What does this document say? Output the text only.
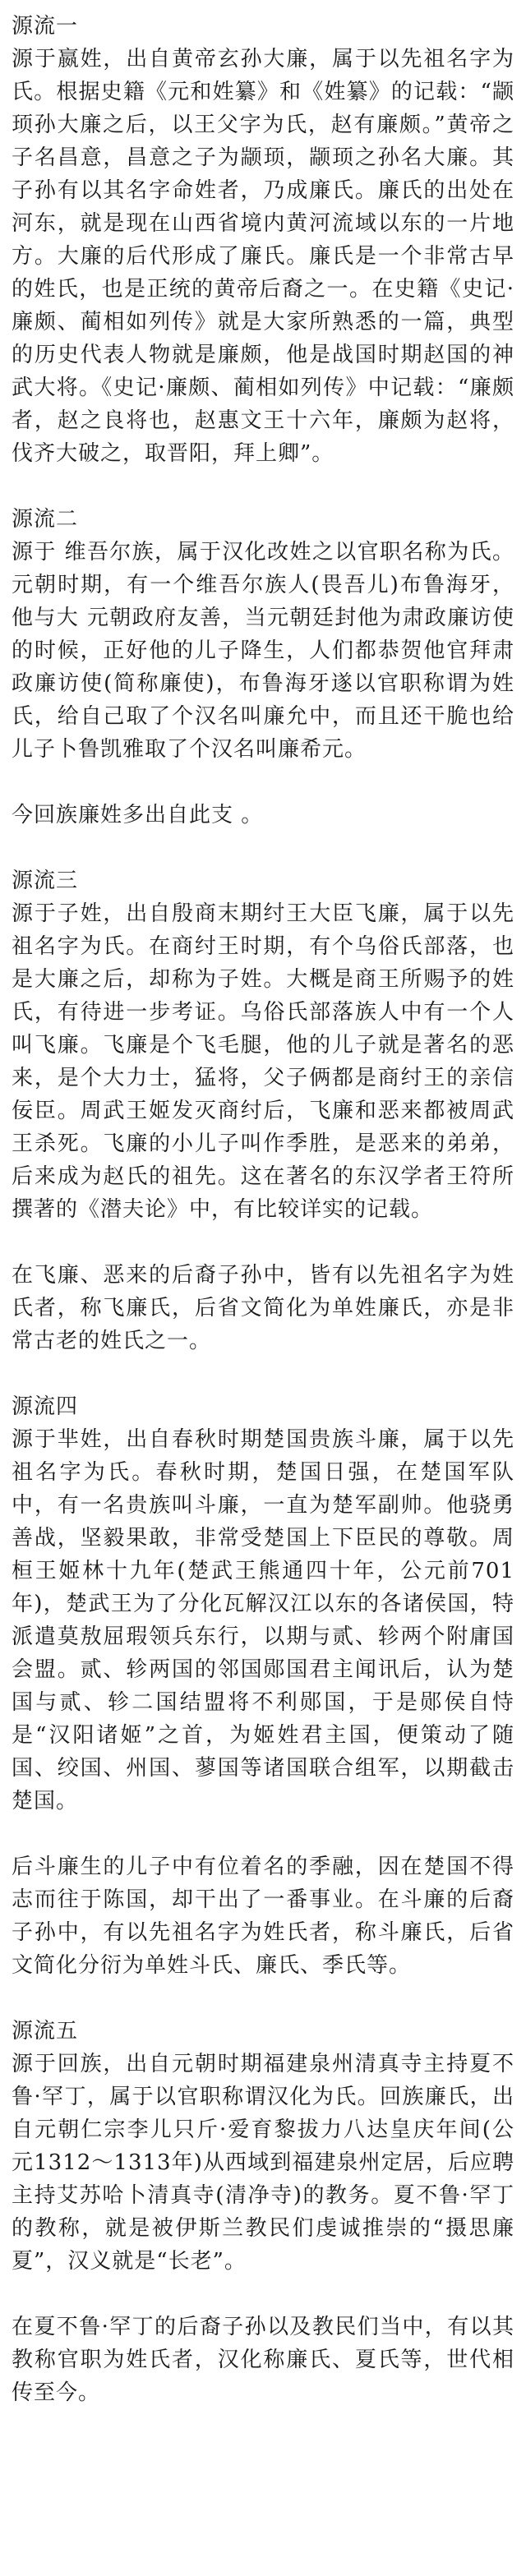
源流一

源于嬴姓，出自黄帝玄孙大廉，属于以先祖名字为氏。根据史籍《元和姓纂》和《姓纂》的记载：“颛顼孙大廉之后，以王父字为氏，赵有廉颇。”黄帝之子名昌意，昌意之子为颛顼，颛顼之孙名大廉。其子孙有以其名字命姓者，乃成廉氏。廉氏的出处在河东，就是现在山西省境内黄河流域以东的一片地方。大廉的后代形成了廉氏。廉氏是一个非常古早的姓氏，也是正统的黄帝后裔之一。在史籍《史记·廉颇、蔺相如列传》就是大家所熟悉的一篇，典型的历史代表人物就是廉颇，他是战国时期赵国的神武大将。《史记·廉颇、蔺相如列传》中记载：“廉颇者，赵之良将也，赵惠文王十六年，廉颇为赵将，伐齐大破之，取晋阳，拜上卿”。

源流二

源于 维吾尔族，属于汉化改姓之以官职名称为氏。元朝时期，有一个维吾尔族人(畏吾儿)布鲁海牙，他与大 元朝政府友善，当元朝廷封他为肃政廉访使的时候，正好他的儿子降生，人们都恭贺他官拜肃政廉访使(简称廉使)，布鲁海牙遂以官职称谓为姓氏，给自己取了个汉名叫廉允中，而且还干脆也给儿子卜鲁凯雅取了个汉名叫廉希元。

今回族廉姓多出自此支 。

源流三

源于子姓，出自殷商末期纣王大臣飞廉，属于以先祖名字为氏。在商纣王时期，有个乌俗氏部落，也是大廉之后，却称为子姓。大概是商王所赐予的姓氏，有待进一步考证。乌俗氏部落族人中有一个人叫飞廉。飞廉是个飞毛腿，他的儿子就是著名的恶来，是个大力士，猛将，父子俩都是商纣王的亲信佞臣。周武王姬发灭商纣后，飞廉和恶来都被周武王杀死。飞廉的小儿子叫作季胜，是恶来的弟弟，后来成为赵氏的祖先。这在著名的东汉学者王符所撰著的《潜夫论》中，有比较详实的记载。

在飞廉、恶来的后裔子孙中，皆有以先祖名字为姓氏者，称飞廉氏，后省文简化为单姓廉氏，亦是非常古老的姓氏之一。

源流四

源于芈姓，出自春秋时期楚国贵族斗廉，属于以先祖名字为氏。春秋时期，楚国日强，在楚国军队中，有一名贵族叫斗廉，一直为楚军副帅。他骁勇善战，坚毅果敢，非常受楚国上下臣民的尊敬。周桓王姬林十九年(楚武王熊通四十年，公元前701年)，楚武王为了分化瓦解汉江以东的各诸侯国，特派遣莫敖屈瑕领兵东行，以期与贰、轸两个附庸国会盟。贰、轸两国的邻国郧国君主闻讯后，认为楚国与贰、轸二国结盟将不利郧国，于是郧侯自恃是“汉阳诸姬”之首，为姬姓君主国，便策动了随国、绞国、州国、蓼国等诸国联合组军，以期截击楚国。

后斗廉生的儿子中有位着名的季融，因在楚国不得志而往于陈国，却干出了一番事业。在斗廉的后裔子孙中，有以先祖名字为姓氏者，称斗廉氏，后省文简化分衍为单姓斗氏、廉氏、季氏等。

源流五

源于回族，出自元朝时期福建泉州清真寺主持夏不鲁·罕丁，属于以官职称谓汉化为氏。回族廉氏，出自元朝仁宗李儿只斤·爱育黎拔力八达皇庆年间(公元1312～1313年)从西域到福建泉州定居，后应聘主持艾苏哈卜清真寺(清净寺)的教务。夏不鲁·罕丁的教称，就是被伊斯兰教民们虔诚推崇的“摄思廉夏”，汉义就是“长老”。

在夏不鲁·罕丁的后裔子孙以及教民们当中，有以其教称官职为姓氏者，汉化称廉氏、夏氏等，世代相传至今。
